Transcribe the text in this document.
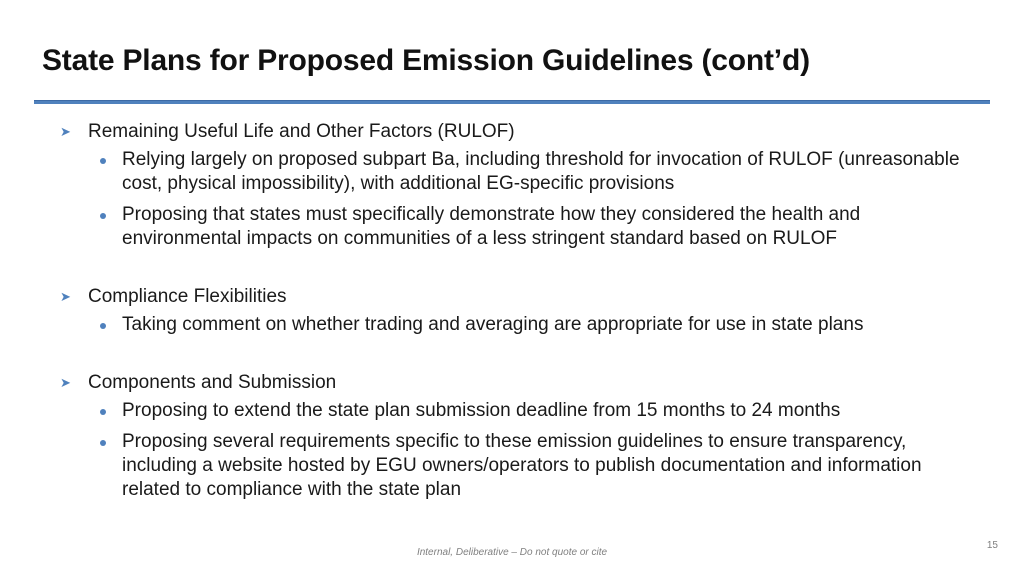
State Plans for Proposed Emission Guidelines (cont’d)
➤ Remaining Useful Life and Other Factors (RULOF)
Relying largely on proposed subpart Ba, including threshold for invocation of RULOF (unreasonable cost, physical impossibility), with additional EG-specific provisions
Proposing that states must specifically demonstrate how they considered the health and environmental impacts on communities of a less stringent standard based on RULOF
➤ Compliance Flexibilities
Taking comment on whether trading and averaging are appropriate for use in state plans
➤ Components and Submission
Proposing to extend the state plan submission deadline from 15 months to 24 months
Proposing several requirements specific to these emission guidelines to ensure transparency, including a website hosted by EGU owners/operators to publish documentation and information related to compliance with the state plan
Internal, Deliberative – Do not quote or cite
15
